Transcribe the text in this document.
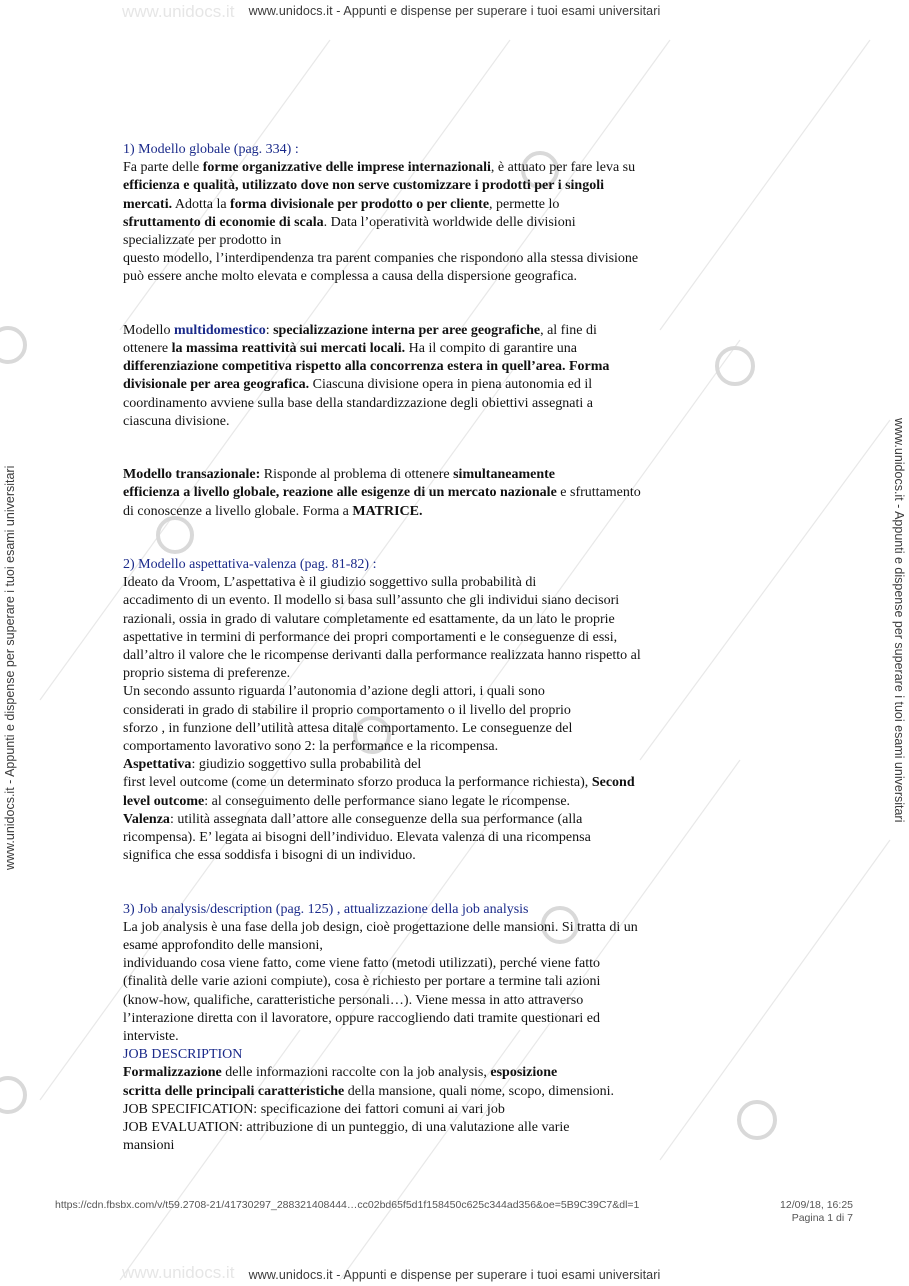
www.unidocs.it
www.unidocs.it
www.unidocs.it - Appunti e dispense per superare i tuoi esami universitari
www.unidocs.it - Appunti e dispense per superare i tuoi esami universitari
www.unidocs.it - Appunti e dispense per superare i tuoi esami universitari	www.unidocs.it - Appunti e dispense per superare i tuoi esami universitari

1) Modello globale (pag. 334) :

Fa parte delle forme organizzative delle imprese internazionali, è attuato per fare leva su

efficienza e qualità, utilizzato dove non serve customizzare i prodotti per i singoli

mercati. Adotta la forma divisionale per prodotto o per cliente, permette lo

sfruttamento di economie di scala. Data l’operatività worldwide delle divisioni

specializzate per prodotto in

questo modello, l’interdipendenza tra parent companies che rispondono alla stessa divisione

può essere anche molto elevata e complessa a causa della dispersione geografica.

Modello multidomestico: specializzazione interna per aree geografiche, al fine di

ottenere la massima reattività sui mercati locali. Ha il compito di garantire una

differenziazione competitiva rispetto alla concorrenza estera in quell’area. Forma

divisionale per area geografica. Ciascuna divisione opera in piena autonomia ed il

coordinamento avviene sulla base della standardizzazione degli obiettivi assegnati a

ciascuna divisione.

Modello transazionale: Risponde al problema di ottenere simultaneamente

efficienza a livello globale, reazione alle esigenze di un mercato nazionale e sfruttamento

di conoscenze a livello globale. Forma a MATRICE.

2) Modello aspettativa-valenza (pag. 81-82) :

Ideato da Vroom, L’aspettativa è il giudizio soggettivo sulla probabilità di

accadimento di un evento. Il modello si basa sull’assunto che gli individui siano decisori

razionali, ossia in grado di valutare completamente ed esattamente, da un lato le proprie

aspettative in termini di performance dei propri comportamenti e le conseguenze di essi,

dall’altro il valore che le ricompense derivanti dalla performance realizzata hanno rispetto al

proprio sistema di preferenze.

Un secondo assunto riguarda l’autonomia d’azione degli attori, i quali sono

considerati in grado di stabilire il proprio comportamento o il livello del proprio

sforzo , in funzione dell’utilità attesa ditale comportamento. Le conseguenze del

comportamento lavorativo sono 2: la performance e la ricompensa.

Aspettativa: giudizio soggettivo sulla probabilità del

first level outcome (come un determinato sforzo produca la performance richiesta), Second

level outcome: al conseguimento delle performance siano legate le ricompense.

Valenza: utilità assegnata dall’attore alle conseguenze della sua performance (alla

ricompensa). E’ legata ai bisogni dell’individuo. Elevata valenza di una ricompensa

significa che essa soddisfa i bisogni di un individuo.

3) Job analysis/description (pag. 125) , attualizzazione della job analysis

La job analysis è una fase della job design, cioè progettazione delle mansioni. Si tratta di un

esame approfondito delle mansioni,

individuando cosa viene fatto, come viene fatto (metodi utilizzati), perché viene fatto

(finalità delle varie azioni compiute), cosa è richiesto per portare a termine tali azioni

(know-how, qualifiche, caratteristiche personali…). Viene messa in atto attraverso

l’interazione diretta con il lavoratore, oppure raccogliendo dati tramite questionari ed

interviste.

JOB DESCRIPTION

Formalizzazione delle informazioni raccolte con la job analysis, esposizione

scritta delle principali caratteristiche della mansione, quali nome, scopo, dimensioni.

JOB SPECIFICATION: specificazione dei fattori comuni ai vari job

JOB EVALUATION: attribuzione di un punteggio, di una valutazione alle varie

mansioni

https://cdn.fbsbx.com/v/t59.2708-21/41730297_288321408444…cc02bd65f5d1f158450c625c344ad356&oe=5B9C39C7&dl=1	12/09/18, 16:25
Pagina 1 di 7
